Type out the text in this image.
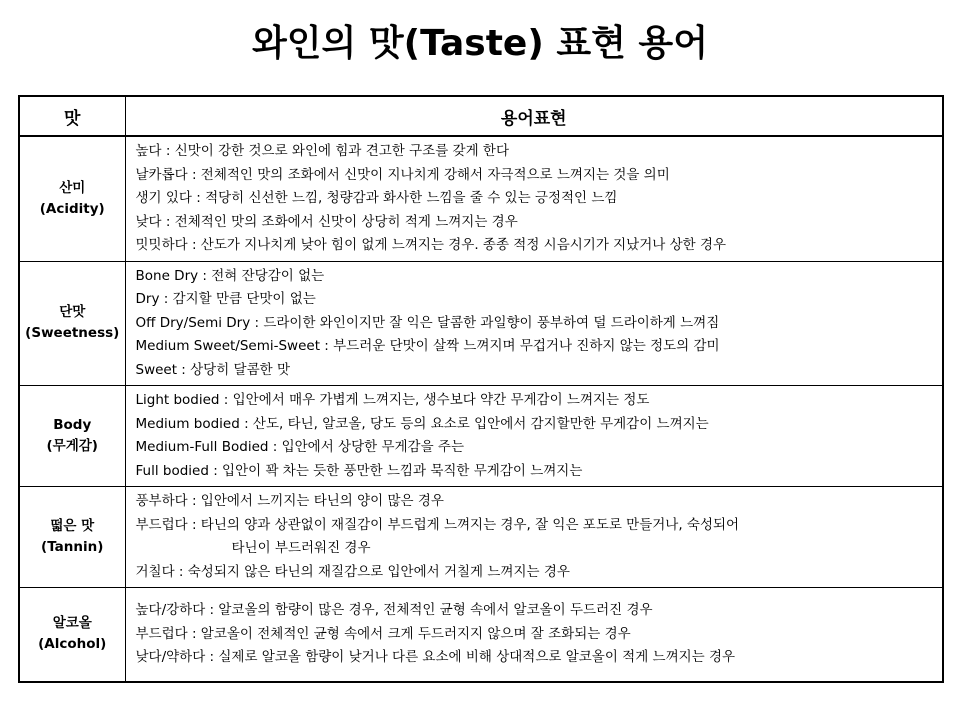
와인의 맛(Taste) 표현 용어
맛	용어표현

산미
(Acidity)	높다 : 신맛이 강한 것으로 와인에 힘과 견고한 구조를 갖게 한다
날카롭다 : 전체적인 맛의 조화에서 신맛이 지나치게 강해서 자극적으로 느껴지는 것을 의미
생기 있다 : 적당히 신선한 느낌, 청량감과 화사한 느낌을 줄 수 있는 긍정적인 느낌
낮다 : 전체적인 맛의 조화에서 신맛이 상당히 적게 느껴지는 경우
밋밋하다 : 산도가 지나치게 낮아 힘이 없게 느껴지는 경우. 종종 적정 시음시기가 지났거나 상한 경우

단맛
(Sweetness)	Bone Dry : 전혀 잔당감이 없는
Dry : 감지할 만큼 단맛이 없는
Off Dry/Semi Dry : 드라이한 와인이지만 잘 익은 달콤한 과일향이 풍부하여 덜 드라이하게 느껴짐
Medium Sweet/Semi-Sweet : 부드러운 단맛이 살짝 느껴지며 무겁거나 진하지 않는 정도의 감미
Sweet : 상당히 달콤한 맛

Body
(무게감)	Light bodied : 입안에서 매우 가볍게 느껴지는, 생수보다 약간 무게감이 느껴지는 정도
Medium bodied : 산도, 타닌, 알코올, 당도 등의 요소로 입안에서 감지할만한 무게감이 느껴지는
Medium-Full Bodied : 입안에서 상당한 무게감을 주는
Full bodied : 입안이 꽉 차는 듯한 풍만한 느낌과 묵직한 무게감이 느껴지는

떫은 맛
(Tannin)	풍부하다 : 입안에서 느끼지는 타닌의 양이 많은 경우
부드럽다 : 타닌의 양과 상관없이 재질감이 부드럽게 느껴지는 경우, 잘 익은 포도로 만들거나, 숙성되어
타닌이 부드러워진 경우
거칠다 : 숙성되지 않은 타닌의 재질감으로 입안에서 거칠게 느껴지는 경우

알코올
(Alcohol)	높다/강하다 : 알코올의 함량이 많은 경우, 전체적인 균형 속에서 알코올이 두드러진 경우
부드럽다 : 알코올이 전체적인 균형 속에서 크게 두드러지지 않으며 잘 조화되는 경우
낮다/약하다 : 실제로 알코올 함량이 낮거나 다른 요소에 비해 상대적으로 알코올이 적게 느껴지는 경우
